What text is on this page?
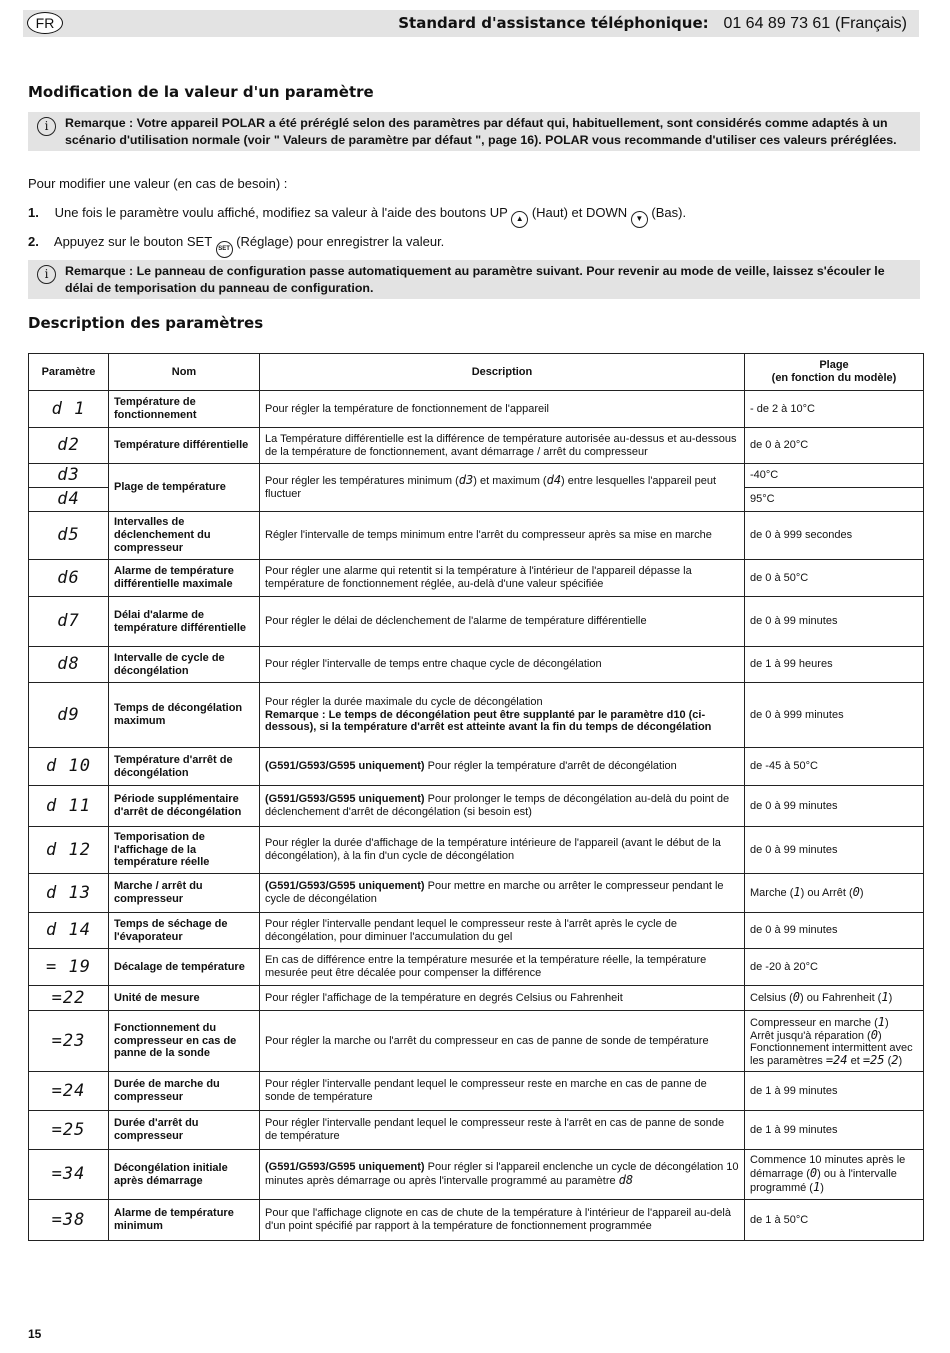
FR	Standard d'assistance téléphonique: 01 64 89 73 61 (Français)
Modification de la valeur d'un paramètre
i	Remarque : Votre appareil POLAR a été préréglé selon des paramètres par défaut qui, habituellement, sont considérés comme adaptés à un scénario d'utilisation normale (voir " Valeurs de paramètre par défaut ", page 16). POLAR vous recommande d'utiliser ces valeurs préréglées.
Pour modifier une valeur (en cas de besoin) :
1. Une fois le paramètre voulu affiché, modifiez sa valeur à l'aide des boutons UP ▲ (Haut) et DOWN ▼ (Bas).
2. Appuyez sur le bouton SET SET (Réglage) pour enregistrer la valeur.
i	Remarque : Le panneau de configuration passe automatiquement au paramètre suivant. Pour revenir au mode de veille, laissez s'écouler le délai de temporisation du panneau de configuration.
Description des paramètres
Paramètre	Nom	Description	Plage
(en fonction du modèle)
d 1	Température de fonctionnement	Pour régler la température de fonctionnement de l'appareil	- de 2 à 10°C
d2	Température différentielle	La Température différentielle est la différence de température autorisée au-dessus et au-dessous de la température de fonctionnement, avant démarrage / arrêt du compresseur	de 0 à 20°C
d3	Plage de température	Pour régler les températures minimum (d3) et maximum (d4) entre lesquelles l'appareil peut fluctuer	-40°C
d4			95°C
d5	Intervalles de déclenchement du compresseur	Régler l'intervalle de temps minimum entre l'arrêt du compresseur après sa mise en marche	de 0 à 999 secondes
d6	Alarme de température différentielle maximale	Pour régler une alarme qui retentit si la température à l'intérieur de l'appareil dépasse la température de fonctionnement réglée, au-delà d'une valeur spécifiée	de 0 à 50°C
d7	Délai d'alarme de température différentielle	Pour régler le délai de déclenchement de l'alarme de température différentielle	de 0 à 99 minutes
d8	Intervalle de cycle de décongélation	Pour régler l'intervalle de temps entre chaque cycle de décongélation	de 1 à 99 heures
d9	Temps de décongélation maximum	Pour régler la durée maximale du cycle de décongélation
Remarque : Le temps de décongélation peut être supplanté par le paramètre d10 (ci-dessous), si la température d'arrêt est atteinte avant la fin du temps de décongélation	de 0 à 999 minutes
d 10	Température d'arrêt de décongélation	(G591/G593/G595 uniquement) Pour régler la température d'arrêt de décongélation	de -45 à 50°C
d 11	Période supplémentaire d'arrêt de décongélation	(G591/G593/G595 uniquement) Pour prolonger le temps de décongélation au-delà du point de déclenchement d'arrêt de décongélation (si besoin est)	de 0 à 99 minutes
d 12	Temporisation de l'affichage de la température réelle	Pour régler la durée d'affichage de la température intérieure de l'appareil (avant le début de la décongélation), à la fin d'un cycle de décongélation	de 0 à 99 minutes
d 13	Marche / arrêt du compresseur	(G591/G593/G595 uniquement) Pour mettre en marche ou arrêter le compresseur pendant le cycle de décongélation	Marche (1) ou Arrêt (0)
d 14	Temps de séchage de l'évaporateur	Pour régler l'intervalle pendant lequel le compresseur reste à l'arrêt après le cycle de décongélation, pour diminuer l'accumulation du gel	de 0 à 99 minutes
= 19	Décalage de température	En cas de différence entre la température mesurée et la température réelle, la température mesurée peut être décalée pour compenser la différence	de -20 à 20°C
=22	Unité de mesure	Pour régler l'affichage de la température en degrés Celsius ou Fahrenheit	Celsius (0) ou Fahrenheit (1)
=23	Fonctionnement du compresseur en cas de panne de la sonde	Pour régler la marche ou l'arrêt du compresseur en cas de panne de sonde de température	Compresseur en marche (1)
Arrêt jusqu'à réparation (0)
Fonctionnement intermittent avec les paramètres =24 et =25 (2)
=24	Durée de marche du compresseur	Pour régler l'intervalle pendant lequel le compresseur reste en marche en cas de panne de sonde de température	de 1 à 99 minutes
=25	Durée d'arrêt du compresseur	Pour régler l'intervalle pendant lequel le compresseur reste à l'arrêt en cas de panne de sonde de température	de 1 à 99 minutes
=34	Décongélation initiale après démarrage	(G591/G593/G595 uniquement) Pour régler si l'appareil enclenche un cycle de décongélation 10 minutes après démarrage ou après l'intervalle programmé au paramètre d8	Commence 10 minutes après le démarrage (0) ou à l'intervalle programmé (1)
=38	Alarme de température minimum	Pour que l'affichage clignote en cas de chute de la température à l'intérieur de l'appareil au-delà d'un point spécifié par rapport à la température de fonctionnement programmée	de 1 à 50°C
15
